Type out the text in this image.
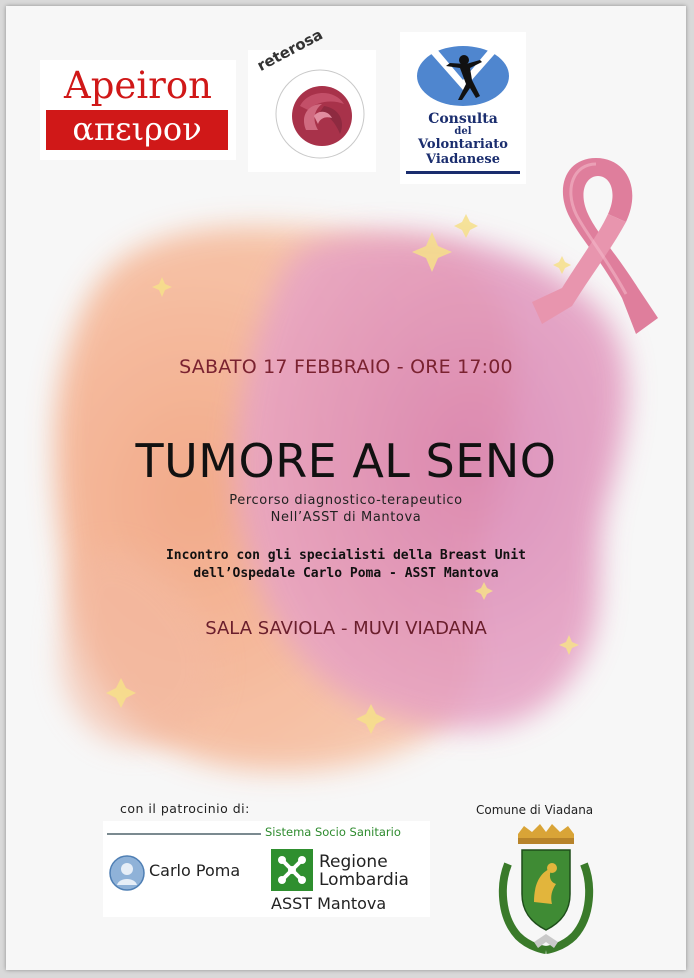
Apeiron
απειρον
reterosa
Consulta
del
Volontariato
Viadanese
SABATO 17 FEBBRAIO - ORE 17:00
TUMORE AL SENO
Percorso diagnostico-terapeutico
Nell’ASST di Mantova
Incontro con gli specialisti della Breast Unit
dell’Ospedale Carlo Poma - ASST Mantova
SALA SAVIOLA - MUVI VIADANA
con il patrocinio di:	Comune di Viadana
Sistema Socio Sanitario
Carlo Poma	Regione
Lombardia
ASST Mantova
